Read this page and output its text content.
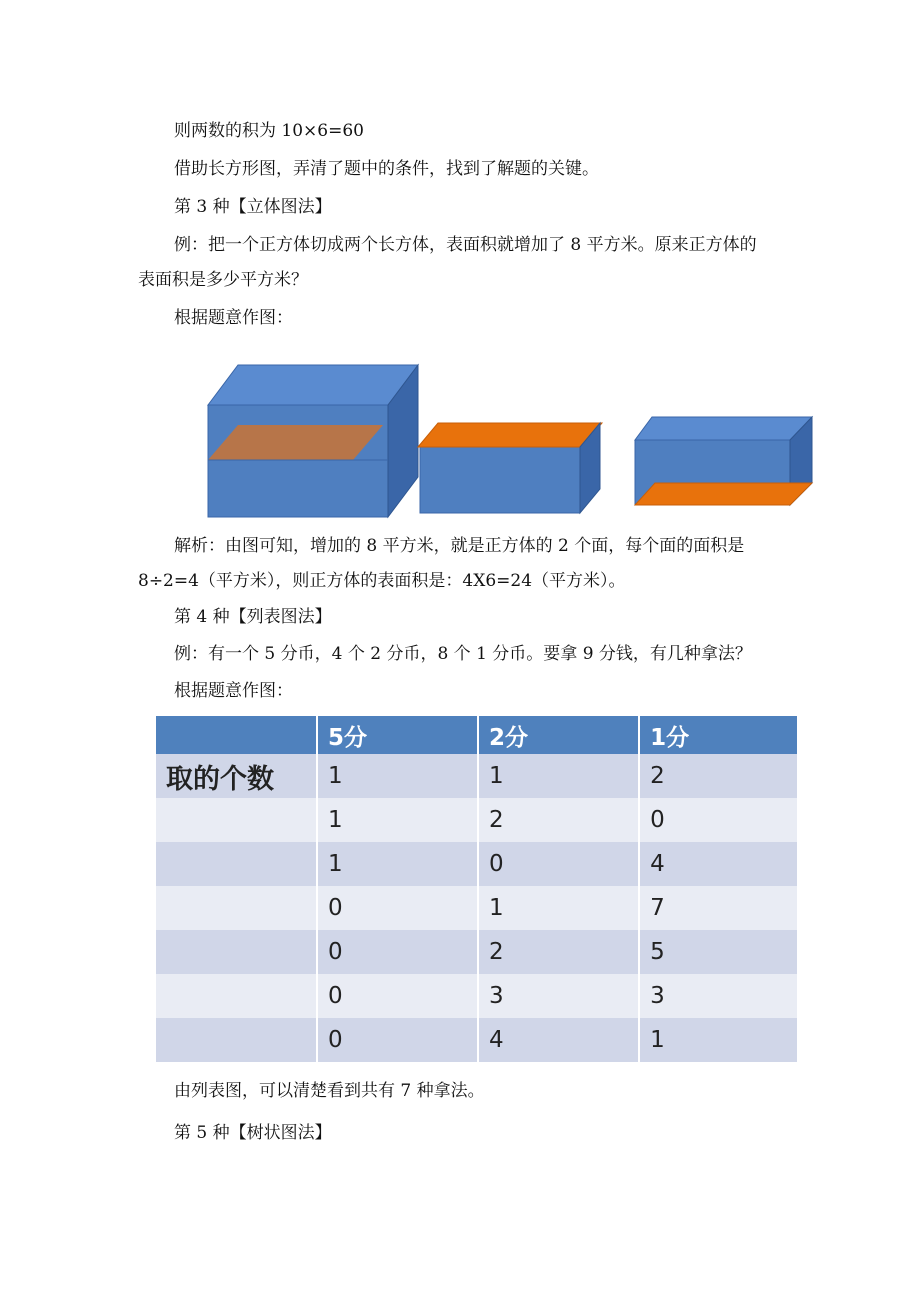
则两数的积为 10×6=60
借助长方形图，弄清了题中的条件，找到了解题的关键。
第 3 种【立体图法】
例：把一个正方体切成两个长方体，表面积就增加了 8 平方米。原来正方体的
表面积是多少平方米？
根据题意作图：
解析：由图可知，增加的 8 平方米，就是正方体的 2 个面，每个面的面积是
8÷2=4（平方米），则正方体的表面积是：4X6=24（平方米）。
第 4 种【列表图法】
例：有一个 5 分币，4 个 2 分币，8 个 1 分币。要拿 9 分钱，有几种拿法？
根据题意作图：
	5分	2分	1分
取的个数	1	1	2
	1	2	0
	1	0	4
	0	1	7
	0	2	5
	0	3	3
	0	4	1
由列表图，可以清楚看到共有 7 种拿法。
第 5 种【树状图法】
